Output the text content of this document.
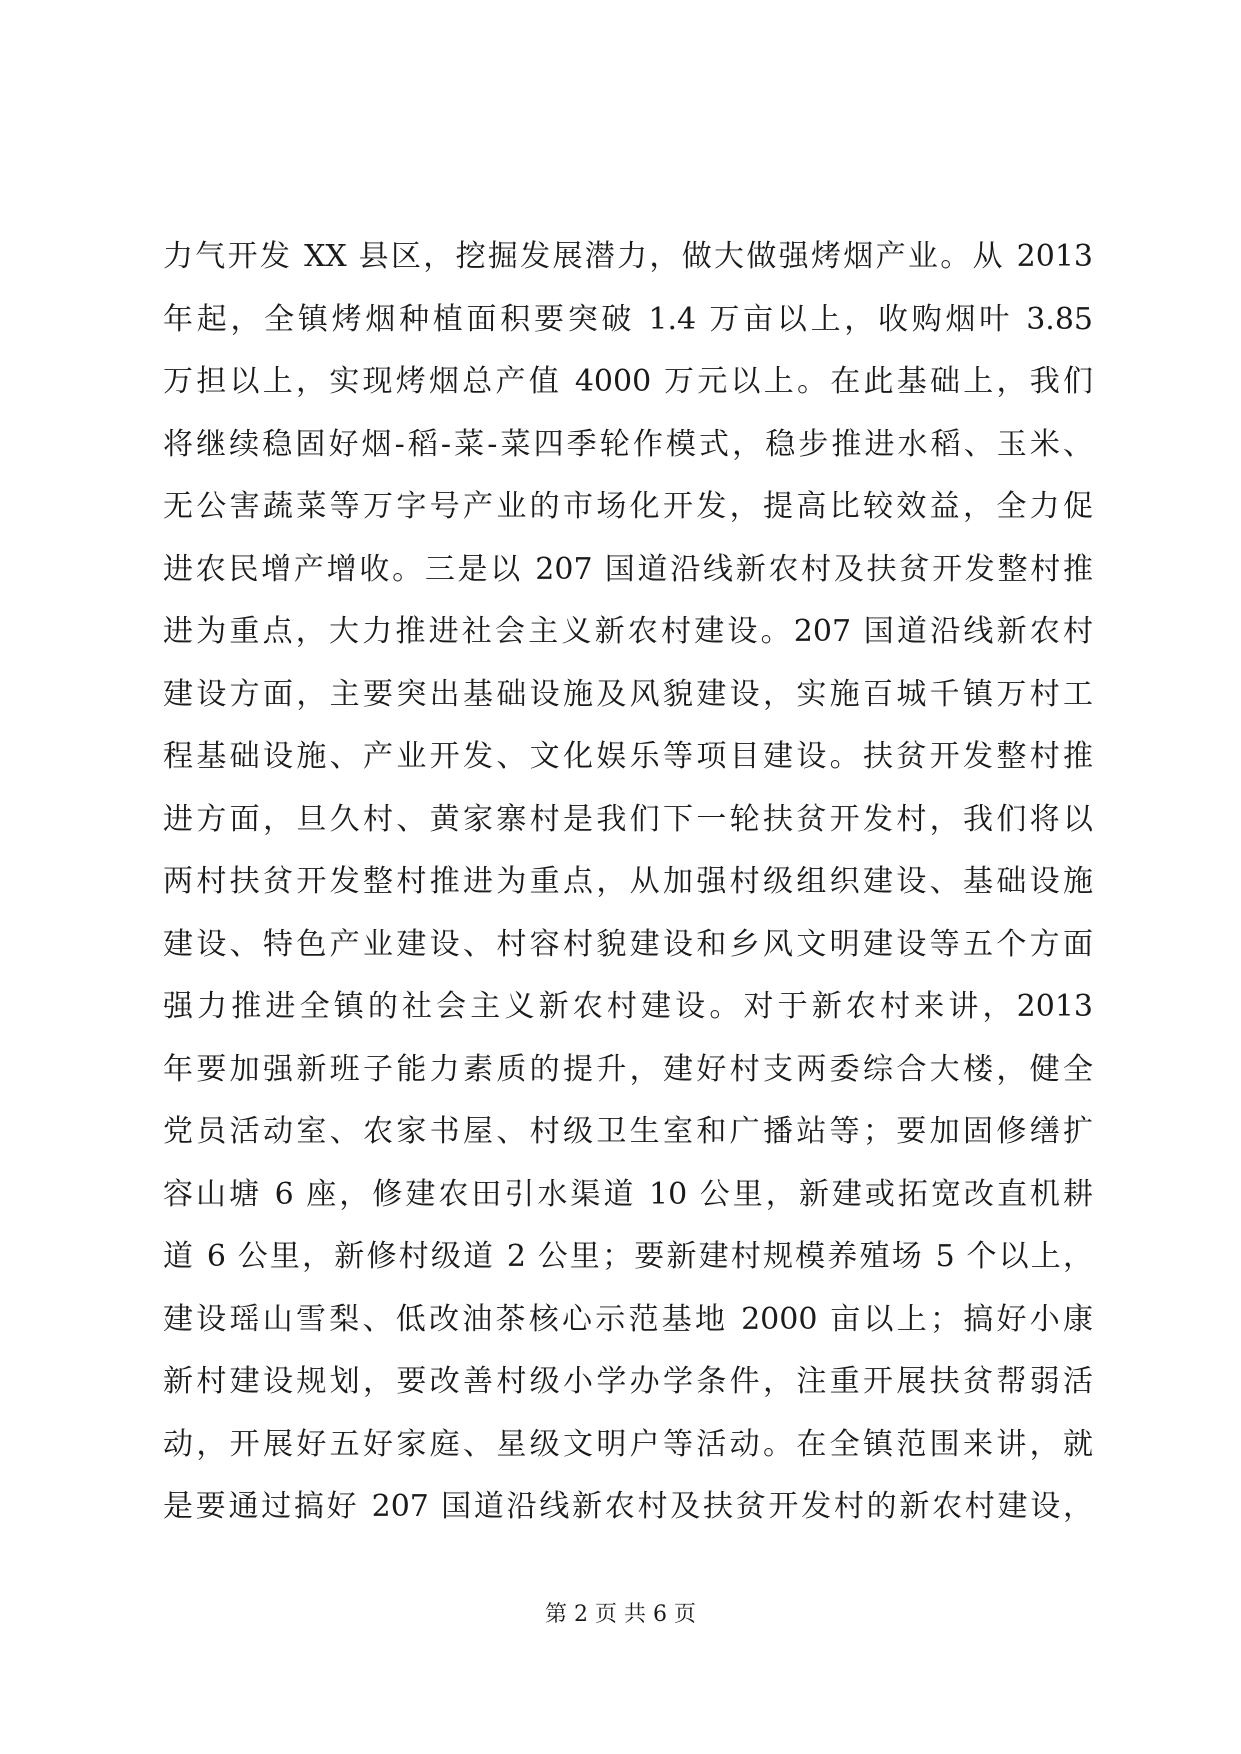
力气开发 XX 县区，挖掘发展潜力，做大做强烤烟产业。从 2013
年起，全镇烤烟种植面积要突破 1.4 万亩以上，收购烟叶 3.85
万担以上，实现烤烟总产值 4000 万元以上。在此基础上，我们
将继续稳固好烟-稻-菜-菜四季轮作模式，稳步推进水稻、玉米、
无公害蔬菜等万字号产业的市场化开发，提高比较效益，全力促
进农民增产增收。三是以 207 国道沿线新农村及扶贫开发整村推
进为重点，大力推进社会主义新农村建设。207 国道沿线新农村
建设方面，主要突出基础设施及风貌建设，实施百城千镇万村工
程基础设施、产业开发、文化娱乐等项目建设。扶贫开发整村推
进方面，旦久村、黄家寨村是我们下一轮扶贫开发村，我们将以
两村扶贫开发整村推进为重点，从加强村级组织建设、基础设施
建设、特色产业建设、村容村貌建设和乡风文明建设等五个方面
强力推进全镇的社会主义新农村建设。对于新农村来讲，2013
年要加强新班子能力素质的提升，建好村支两委综合大楼，健全
党员活动室、农家书屋、村级卫生室和广播站等；要加固修缮扩
容山塘 6 座，修建农田引水渠道 10 公里，新建或拓宽改直机耕
道 6 公里，新修村级道 2 公里；要新建村规模养殖场 5 个以上，
建设瑶山雪梨、低改油茶核心示范基地 2000 亩以上；搞好小康
新村建设规划，要改善村级小学办学条件，注重开展扶贫帮弱活
动，开展好五好家庭、星级文明户等活动。在全镇范围来讲，就
是要通过搞好 207 国道沿线新农村及扶贫开发村的新农村建设，
第 2 页 共 6 页
